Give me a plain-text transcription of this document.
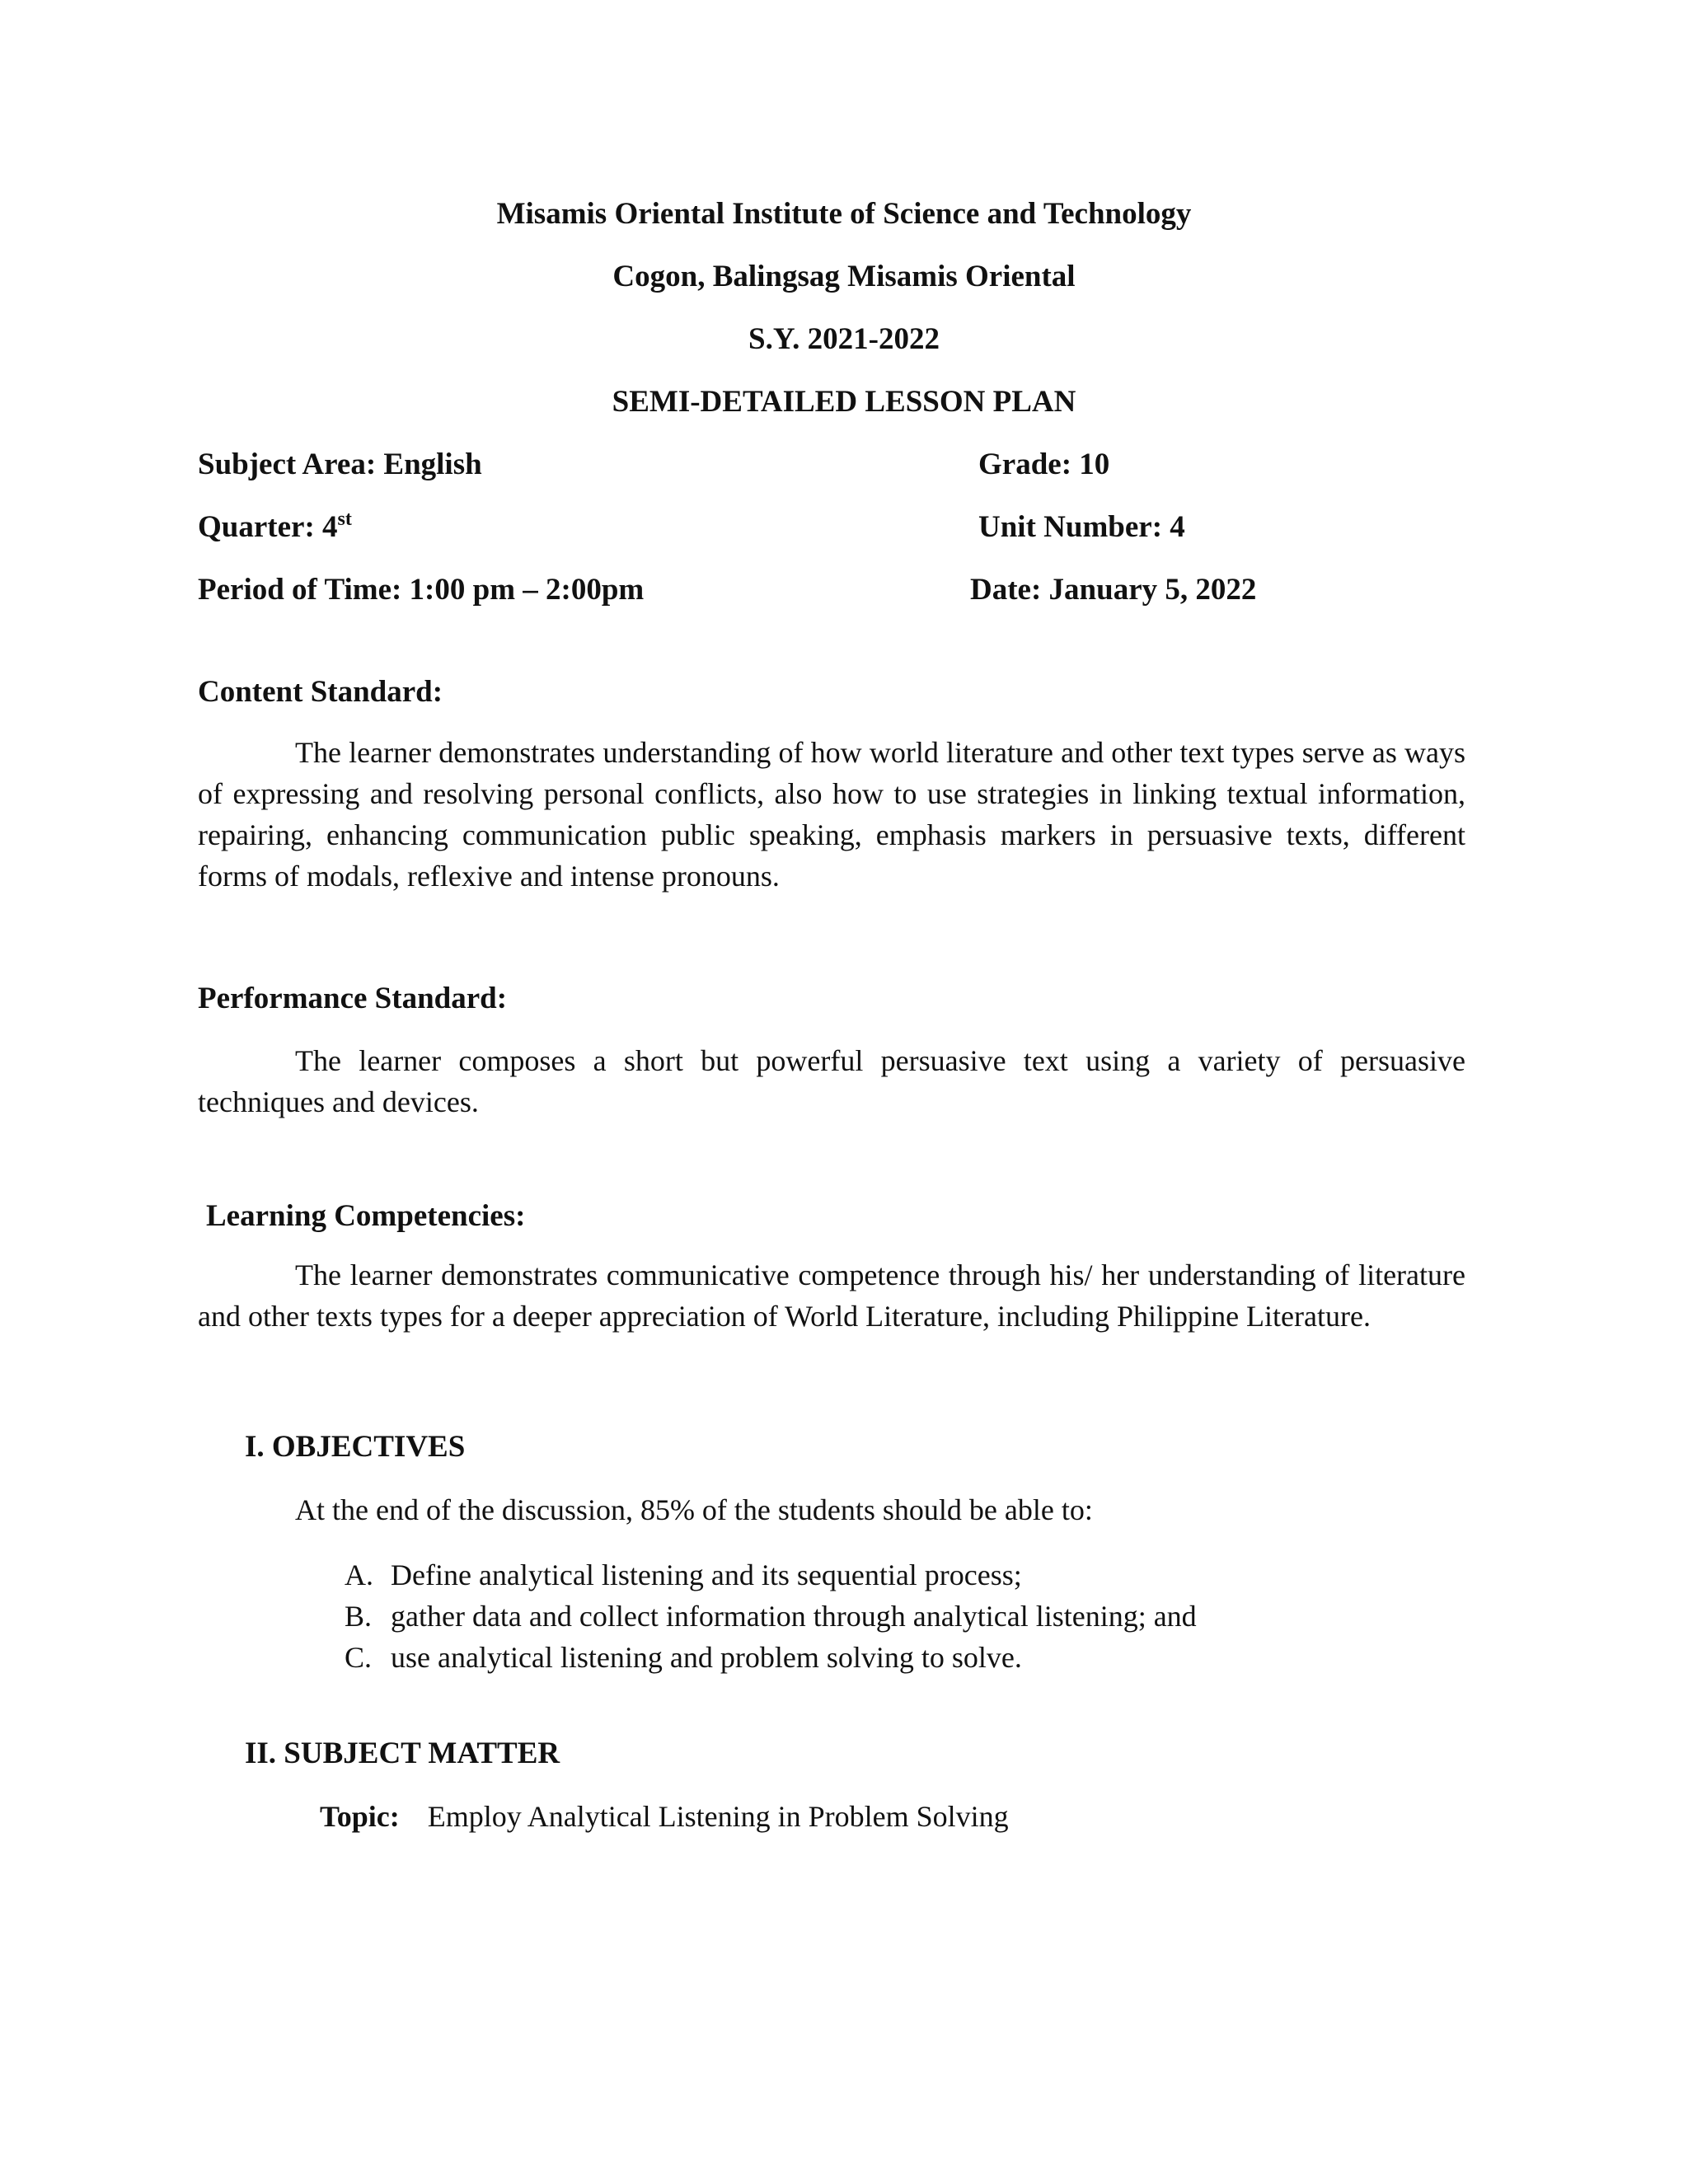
Misamis Oriental Institute of Science and Technology
Cogon, Balingsag Misamis Oriental
S.Y. 2021-2022
SEMI-DETAILED LESSON PLAN
Subject Area: English	Grade: 10
Quarter: 4st	Unit Number: 4
Period of Time: 1:00 pm – 2:00pm	Date: January 5, 2022
Content Standard:
The learner demonstrates understanding of how world literature and other text types serve as ways of expressing and resolving personal conflicts, also how to use strategies in linking textual information, repairing, enhancing communication public speaking, emphasis markers in persuasive texts, different forms of modals, reflexive and intense pronouns.
Performance Standard:
The learner composes a short but powerful persuasive text using a variety of persuasive techniques and devices.
Learning Competencies:
The learner demonstrates communicative competence through his/ her understanding of literature and other texts types for a deeper appreciation of World Literature, including Philippine Literature.
I. OBJECTIVES
At the end of the discussion, 85% of the students should be able to:
A. Define analytical listening and its sequential process;
B. gather data and collect information through analytical listening; and
C. use analytical listening and problem solving to solve.
II. SUBJECT MATTER
Topic: Employ Analytical Listening in Problem Solving
